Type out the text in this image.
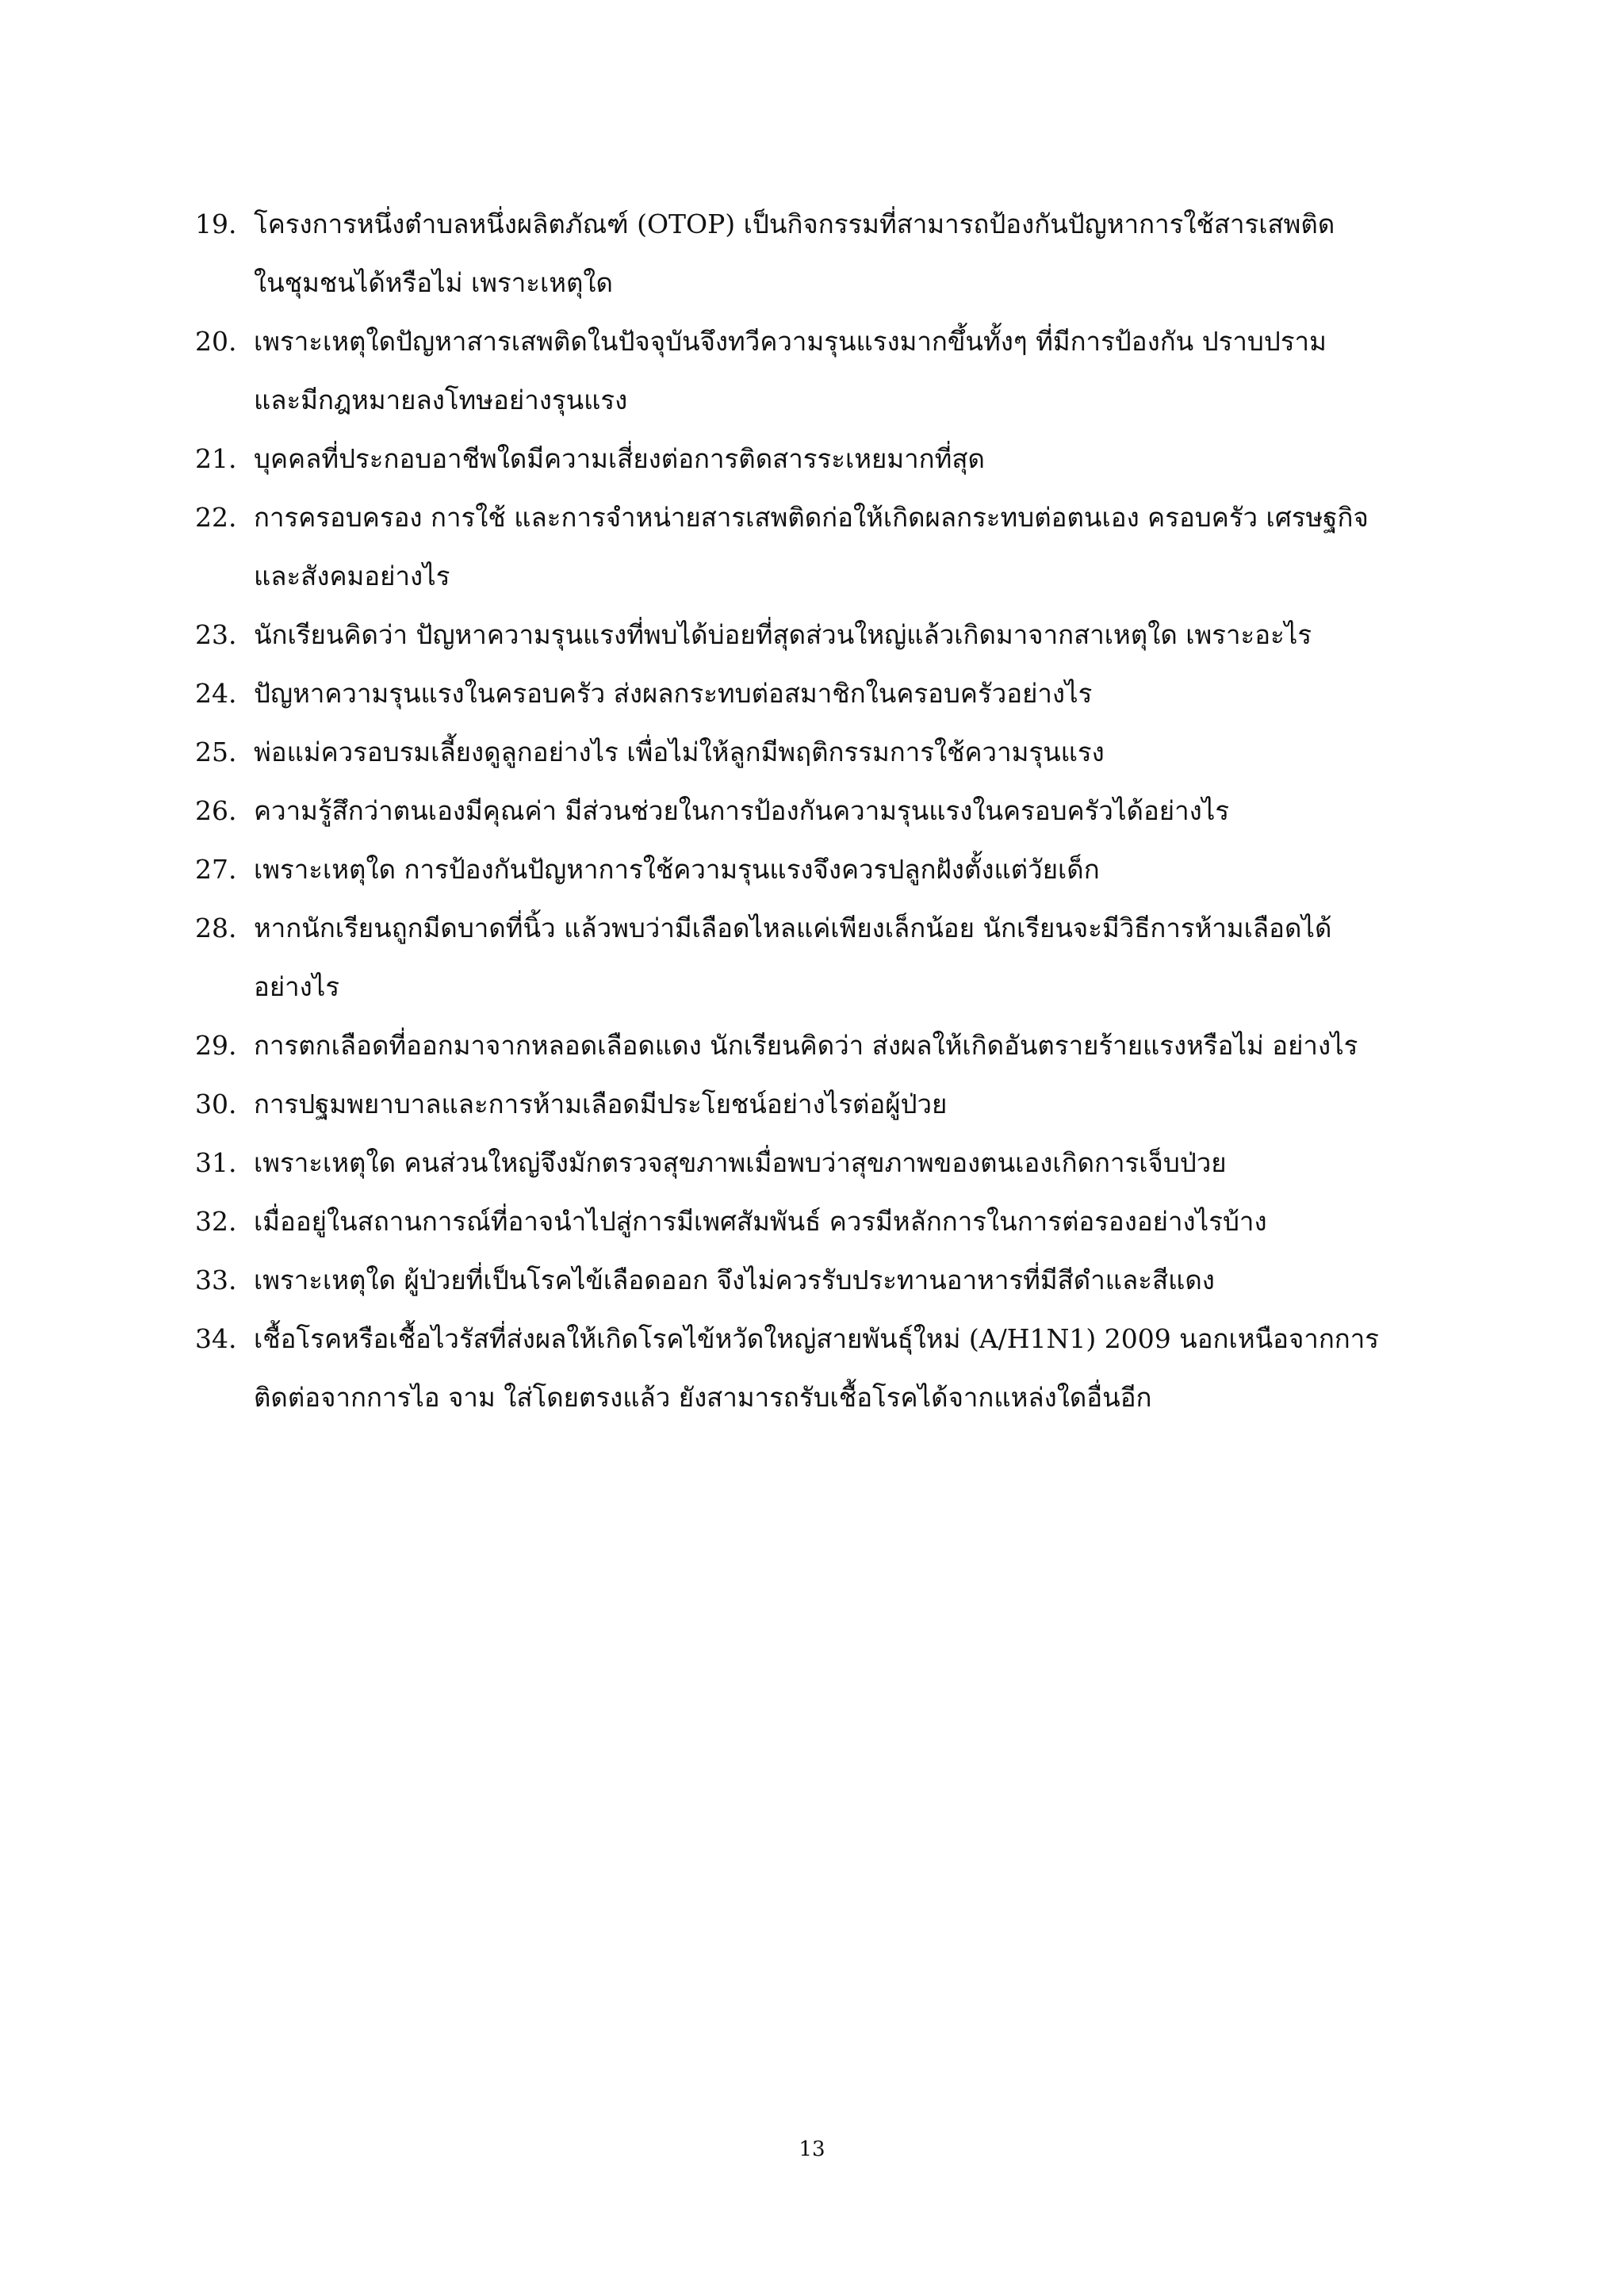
19. โครงการหนึ่งตำบลหนึ่งผลิตภัณฑ์ (OTOP) เป็นกิจกรรมที่สามารถป้องกันปัญหาการใช้สารเสพติด
ในชุมชนได้หรือไม่ เพราะเหตุใด
20. เพราะเหตุใดปัญหาสารเสพติดในปัจจุบันจึงทวีความรุนแรงมากขึ้นทั้งๆ ที่มีการป้องกัน ปราบปราม
และมีกฎหมายลงโทษอย่างรุนแรง
21. บุคคลที่ประกอบอาชีพใดมีความเสี่ยงต่อการติดสารระเหยมากที่สุด
22. การครอบครอง การใช้ และการจำหน่ายสารเสพติดก่อให้เกิดผลกระทบต่อตนเอง ครอบครัว เศรษฐกิจ
และสังคมอย่างไร
23. นักเรียนคิดว่า ปัญหาความรุนแรงที่พบได้บ่อยที่สุดส่วนใหญ่แล้วเกิดมาจากสาเหตุใด เพราะอะไร
24. ปัญหาความรุนแรงในครอบครัว ส่งผลกระทบต่อสมาชิกในครอบครัวอย่างไร
25. พ่อแม่ควรอบรมเลี้ยงดูลูกอย่างไร เพื่อไม่ให้ลูกมีพฤติกรรมการใช้ความรุนแรง
26. ความรู้สึกว่าตนเองมีคุณค่า มีส่วนช่วยในการป้องกันความรุนแรงในครอบครัวได้อย่างไร
27. เพราะเหตุใด การป้องกันปัญหาการใช้ความรุนแรงจึงควรปลูกฝังตั้งแต่วัยเด็ก
28. หากนักเรียนถูกมีดบาดที่นิ้ว แล้วพบว่ามีเลือดไหลแค่เพียงเล็กน้อย นักเรียนจะมีวิธีการห้ามเลือดได้
อย่างไร
29. การตกเลือดที่ออกมาจากหลอดเลือดแดง นักเรียนคิดว่า ส่งผลให้เกิดอันตรายร้ายแรงหรือไม่ อย่างไร
30. การปฐมพยาบาลและการห้ามเลือดมีประโยชน์อย่างไรต่อผู้ป่วย
31. เพราะเหตุใด คนส่วนใหญ่จึงมักตรวจสุขภาพเมื่อพบว่าสุขภาพของตนเองเกิดการเจ็บป่วย
32. เมื่ออยู่ในสถานการณ์ที่อาจนำไปสู่การมีเพศสัมพันธ์ ควรมีหลักการในการต่อรองอย่างไรบ้าง
33. เพราะเหตุใด ผู้ป่วยที่เป็นโรคไข้เลือดออก จึงไม่ควรรับประทานอาหารที่มีสีดำและสีแดง
34. เชื้อโรคหรือเชื้อไวรัสที่ส่งผลให้เกิดโรคไข้หวัดใหญ่สายพันธุ์ใหม่ (A/H1N1) 2009 นอกเหนือจากการ
ติดต่อจากการไอ จาม ใส่โดยตรงแล้ว ยังสามารถรับเชื้อโรคได้จากแหล่งใดอื่นอีก
13
